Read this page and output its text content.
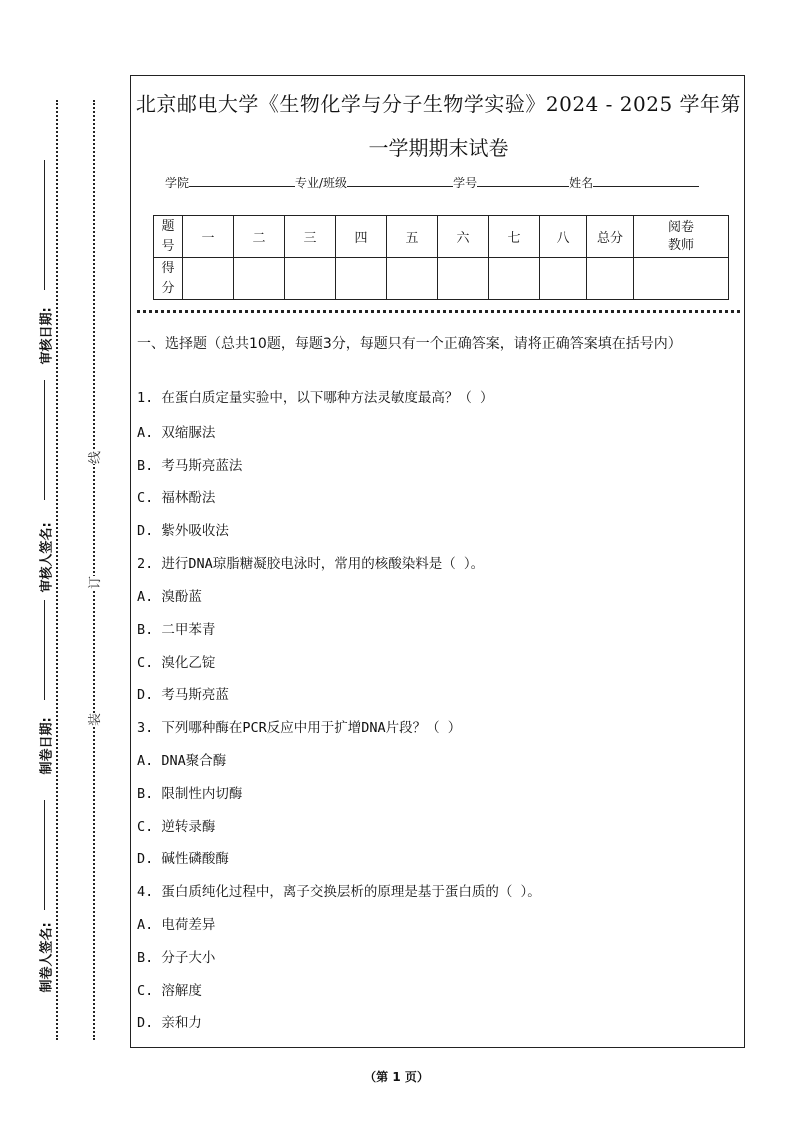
审核日期:
审核人签名:
制卷日期:
制卷人签名:
线
订
装
北京邮电大学《生物化学与分子生物学实验》2024 - 2025 学年第
一学期期末试卷
学院	专业/班级	学号	姓名
题号	一	二	三	四	五	六	七	八	总分	阅卷教师

得分										

一、选择题（总共10题，每题3分，每题只有一个正确答案，请将正确答案填在括号内）
1. 在蛋白质定量实验中，以下哪种方法灵敏度最高？（ ）
A. 双缩脲法
B. 考马斯亮蓝法
C. 福林酚法
D. 紫外吸收法
2. 进行DNA琼脂糖凝胶电泳时，常用的核酸染料是（ ）。
A. 溴酚蓝
B. 二甲苯青
C. 溴化乙锭
D. 考马斯亮蓝
3. 下列哪种酶在PCR反应中用于扩增DNA片段？（ ）
A. DNA聚合酶
B. 限制性内切酶
C. 逆转录酶
D. 碱性磷酸酶
4. 蛋白质纯化过程中，离子交换层析的原理是基于蛋白质的（ ）。
A. 电荷差异
B. 分子大小
C. 溶解度
D. 亲和力
（第 1 页）
